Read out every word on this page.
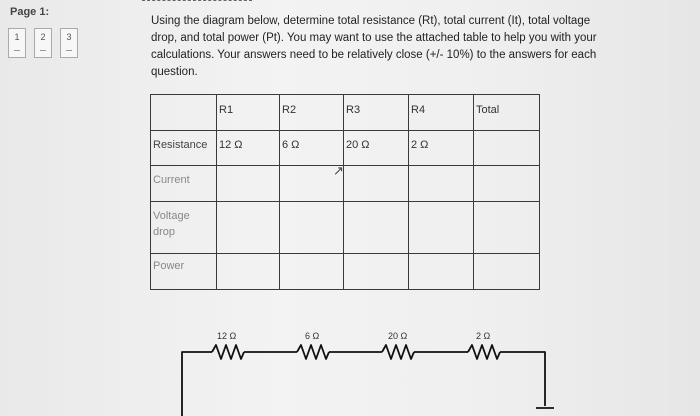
Page 1:
1	2	3
Using the diagram below, determine total resistance (Rt), total current (It), total voltage drop, and total power (Pt). You may want to use the attached table to help you with your calculations. Your answers need to be relatively close (+/- 10%) to the answers for each question.
	R1	R2	R3	R4	Total
Resistance	12 Ω	6 Ω	20 Ω	2 Ω	
Current					
Voltage drop					
Power					
↗
12 Ω	6 Ω	20 Ω	2 Ω
